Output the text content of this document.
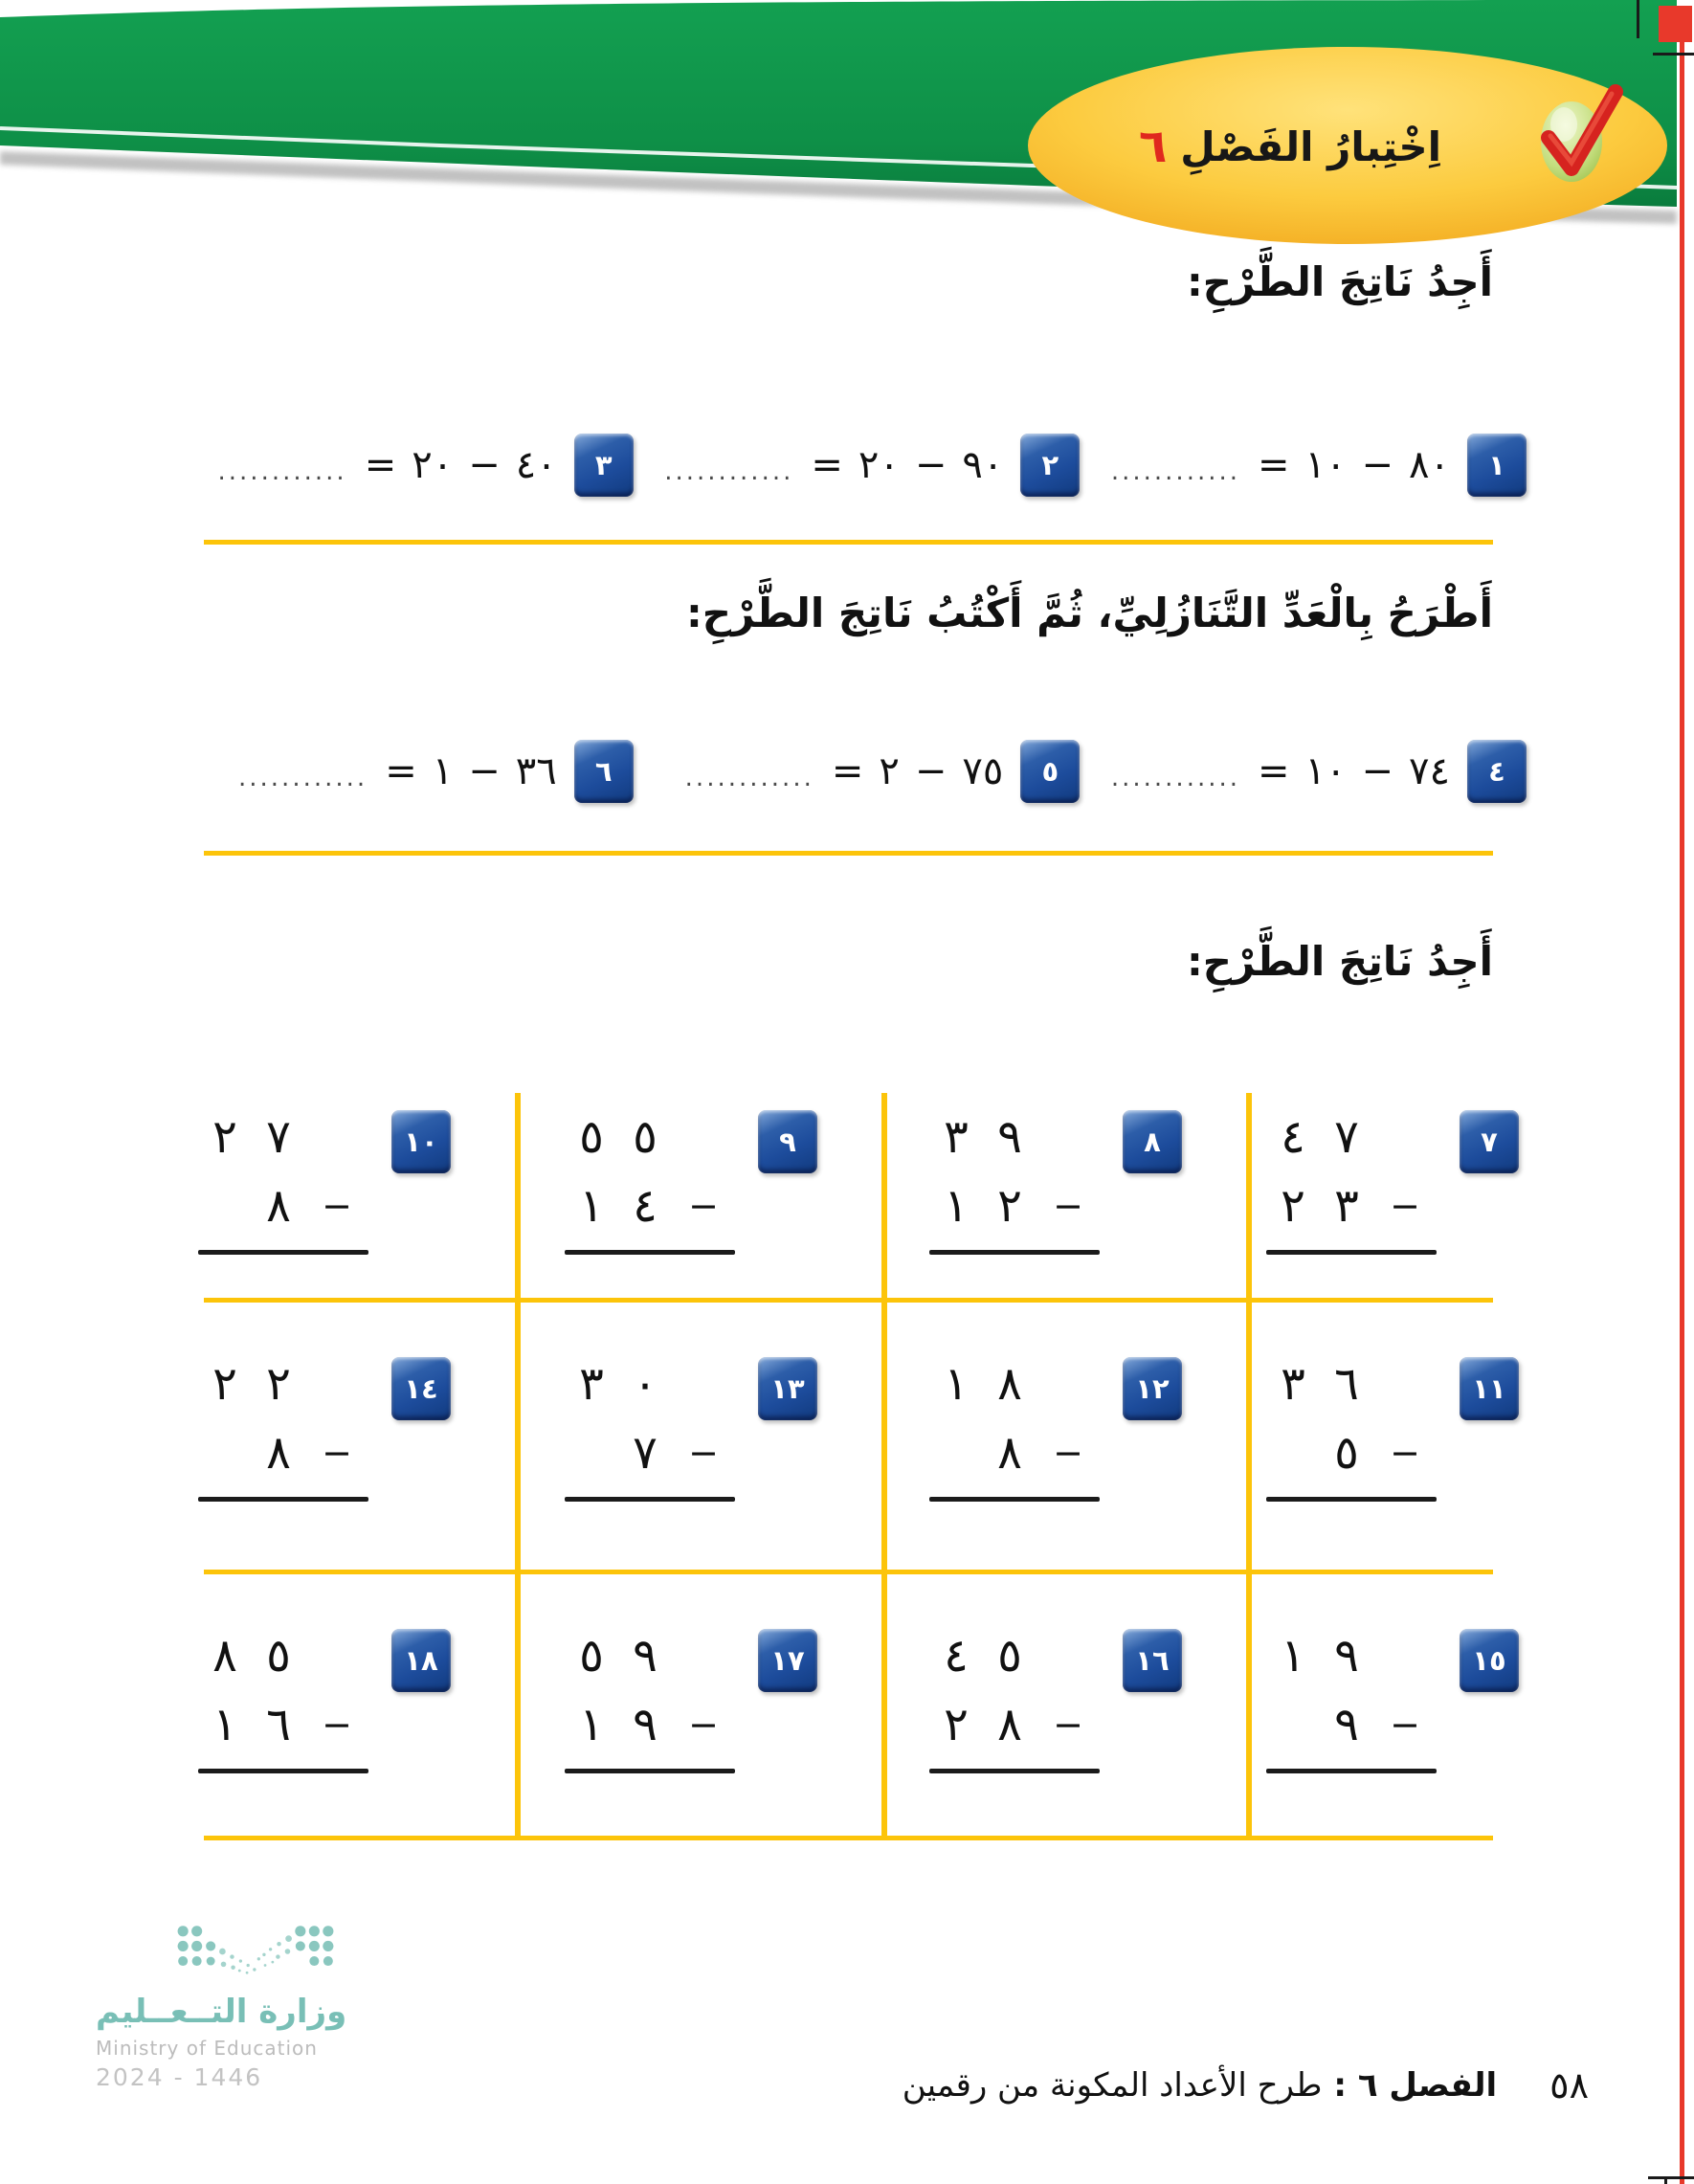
اِخْتِبارُ الفَصْلِ
٦

أَجِدُ نَاتِجَ الطَّرْحِ:

١
٨٠
−
١٠
=
............
٢
٩٠
−
٢٠
=
............
٣
٤٠
−
٢٠
=
............

أَطْرَحُ بِالْعَدِّ التَّنَازُلِيِّ، ثُمَّ أَكْتُبُ نَاتِجَ الطَّرْحِ:

٤
٧٤
−
١٠
=
............
٥
٧٥
−
٢
=
............
٦
٣٦
−
١
=
............

أَجِدُ نَاتِجَ الطَّرْحِ:

٧
٤ ٧
٢ ٣ −
٨
٣ ٩
١ ٢ −
٩
٥ ٥
١ ٤ −
١٠
٢ ٧
٨ −
١١
٣ ٦
٥ −
١٢
١ ٨
٨ −
١٣
٣ ٠
٧ −
١٤
٢ ٢
٨ −
١٥
١ ٩
٩ −
١٦
٤ ٥
٢ ٨ −
١٧
٥ ٩
١ ٩ −
١٨
٨ ٥
١ ٦ −
وزارة التــعــليم
Ministry of Education
2024 - 1446	٥٨
الفصل ٦ :
طرح الأعداد المكونة من رقمين
